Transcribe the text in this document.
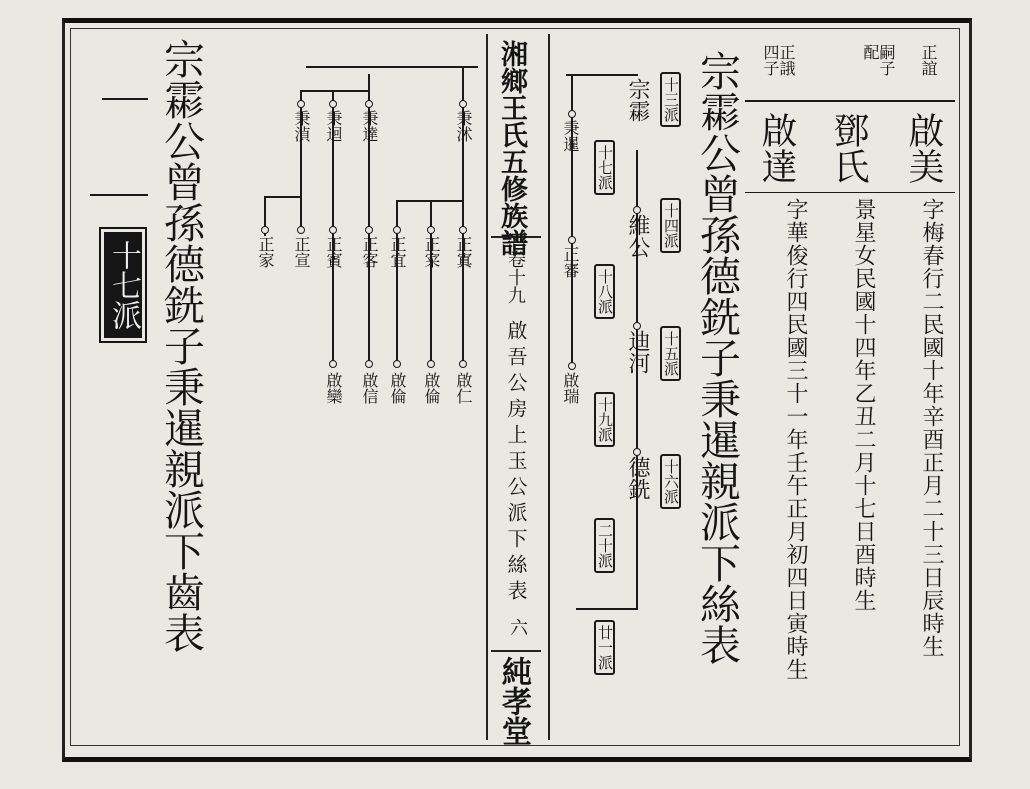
湘鄉王氏五修族譜
卷十九
啟吾公房上玉公派下絲表
六
純孝堂
正誼
嗣子
配
正誐
四子
啟美
鄧氏
啟達
字梅春行二民國十年辛酉正月二十三日辰時生
景星女民國十四年乙丑二月十七日酉時生
字華俊行四民國三十一年壬午正月初四日寅時生
宗霦公曾孫德銑子秉暹親派下絲表
十三派
十四派
十五派
十六派
十七派
十八派
十九派
二十派
廿一派
宗霦
維公
迪河
德銑
秉暹
正審
啟瑞
宗霦公曾孫德銑子秉暹親派下齒表
十七派
秉沭
正寘
啟仁
正寀
啟倫
正宜
啟倫
秉達
正客
啟信
秉迴
正賓
啟欒
秉湞
正宣
正家
